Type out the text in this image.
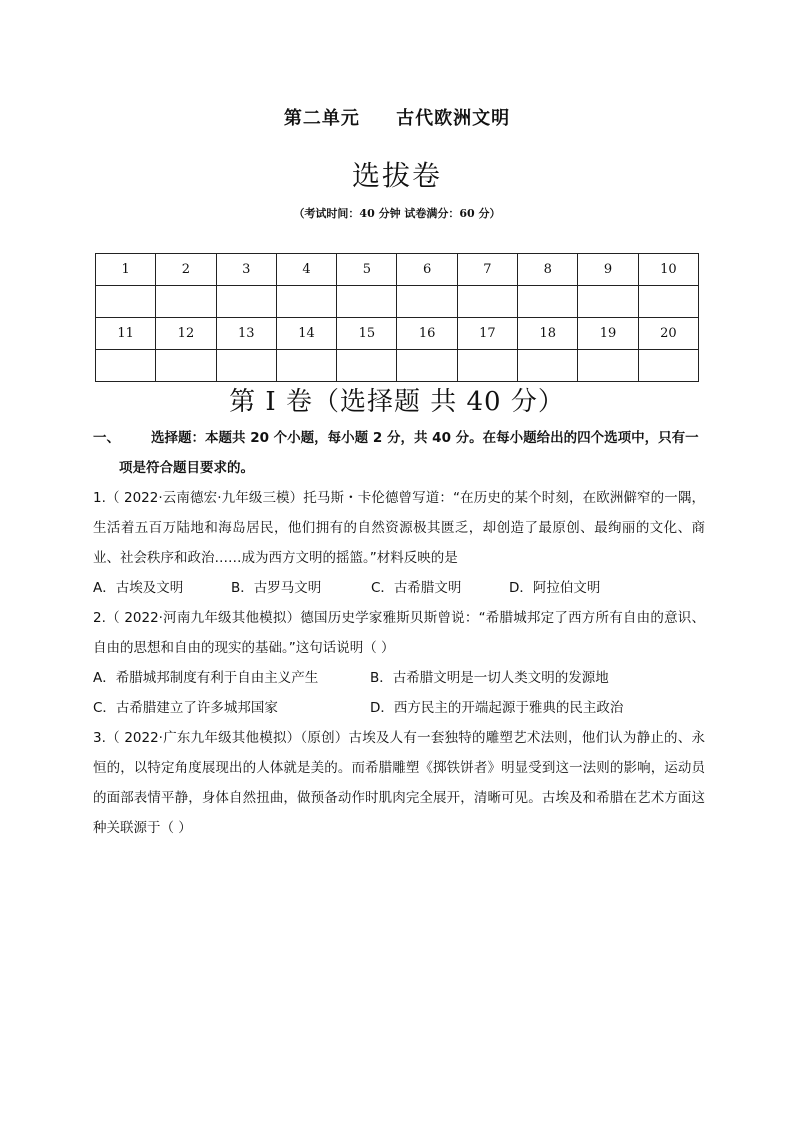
第二单元     古代欧洲文明
选拔卷
（考试时间：40 分钟 试卷满分：60 分）
1	2	3	4	5	6	7	8	9	10

11	12	13	14	15	16	17	18	19	20

第 I 卷（选择题 共 40 分）
一、 选择题：本题共 20 个小题，每小题 2 分，共 40 分。在每小题给出的四个选项中，只有一
项是符合题目要求的。
1.（ 2022·云南德宏·九年级三模）托马斯・卡伦德曾写道：“在历史的某个时刻，在欧洲僻窄的一隅，生活着五百万陆地和海岛居民，他们拥有的自然资源极其匮乏，却创造了最原创、最绚丽的文化、商业、社会秩序和政治……成为西方文明的摇篮。”材料反映的是
A．古埃及文明	B．古罗马文明	C．古希腊文明	D．阿拉伯文明
2.（ 2022·河南九年级其他模拟）德国历史学家雅斯贝斯曾说：“希腊城邦定了西方所有自由的意识、自由的思想和自由的现实的基础。”这句话说明（ ）
A．希腊城邦制度有利于自由主义产生	B．古希腊文明是一切人类文明的发源地
C．古希腊建立了许多城邦国家	D．西方民主的开端起源于雅典的民主政治
3.（ 2022·广东九年级其他模拟）（原创）古埃及人有一套独特的雕塑艺术法则，他们认为静止的、永恒的，以特定角度展现出的人体就是美的。而希腊雕塑《掷铁饼者》明显受到这一法则的影响，运动员的面部表情平静，身体自然扭曲，做预备动作时肌肉完全展开，清晰可见。古埃及和希腊在艺术方面这种关联源于（ ）
